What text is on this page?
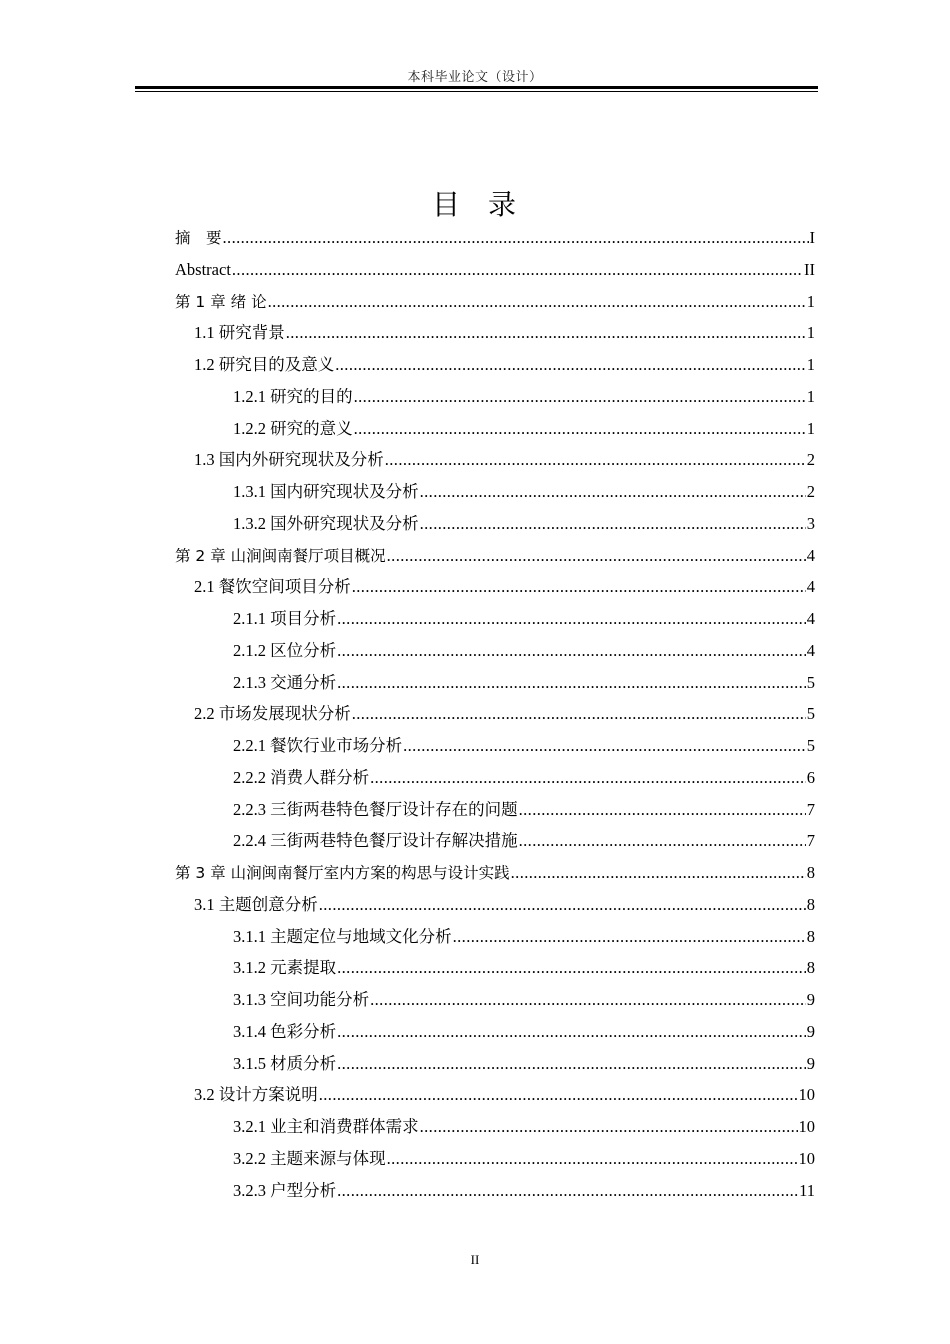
本科毕业论文（设计）
目 录
摘　要 .....	I
Abstract .....	II
第 1 章 绪 论 .....	1
1.1 研究背景 .....	1
1.2 研究目的及意义 .....	1
1.2.1 研究的目的 .....	1
1.2.2 研究的意义 .....	1
1.3 国内外研究现状及分析 .....	2
1.3.1 国内研究现状及分析 .....	2
1.3.2 国外研究现状及分析 .....	3
第 2 章 山涧闽南餐厅项目概况 .....	4
2.1 餐饮空间项目分析 .....	4
2.1.1 项目分析 .....	4
2.1.2 区位分析 .....	4
2.1.3 交通分析 .....	5
2.2 市场发展现状分析 .....	5
2.2.1 餐饮行业市场分析 .....	5
2.2.2 消费人群分析 .....	6
2.2.3 三街两巷特色餐厅设计存在的问题 .....	7
2.2.4 三街两巷特色餐厅设计存解决措施 .....	7
第 3 章 山涧闽南餐厅室内方案的构思与设计实践 .....	8
3.1 主题创意分析 .....	8
3.1.1 主题定位与地域文化分析 .....	8
3.1.2 元素提取 .....	8
3.1.3 空间功能分析 .....	9
3.1.4 色彩分析 .....	9
3.1.5 材质分析 .....	9
3.2 设计方案说明 .....	10
3.2.1 业主和消费群体需求 .....	10
3.2.2 主题来源与体现 .....	10
3.2.3 户型分析 .....	11
II
